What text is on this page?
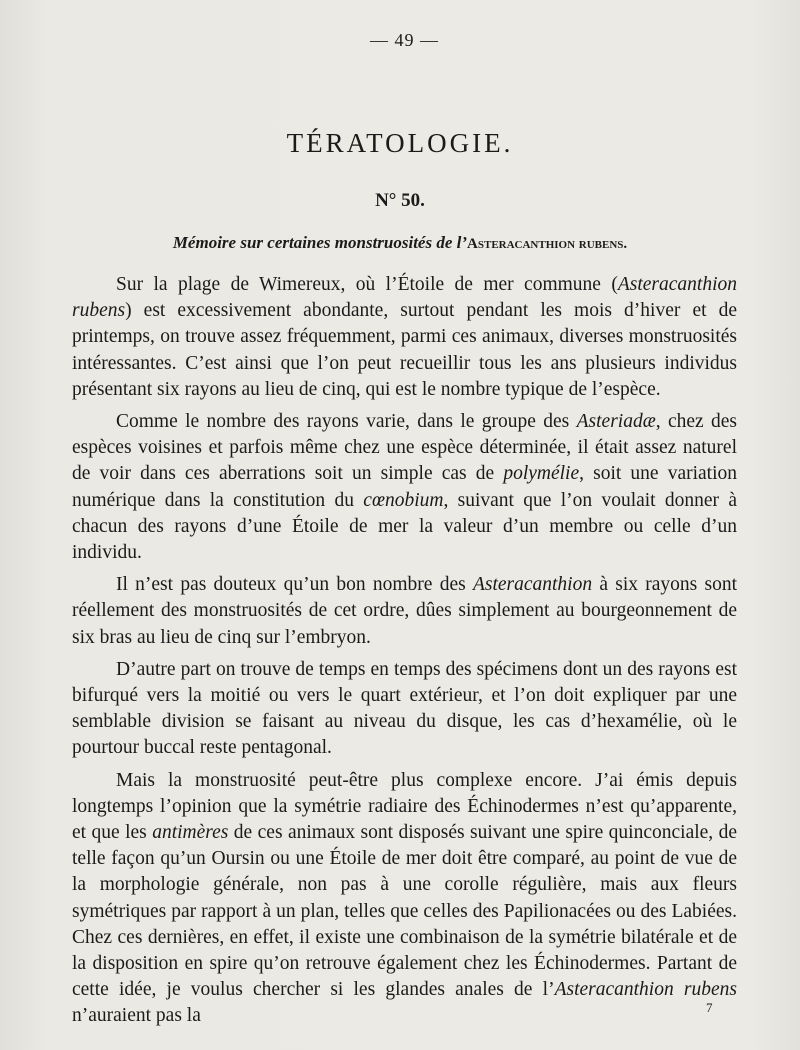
— 49 —
TÉRATOLOGIE.
N° 50.
Mémoire sur certaines monstruosités de l’Asteracanthion rubens.

Sur la plage de Wimereux, où l’Étoile de mer commune (Asteracanthion rubens) est excessivement abondante, surtout pendant les mois d’hiver et de printemps, on trouve assez fréquemment, parmi ces animaux, diverses monstruosités intéressantes. C’est ainsi que l’on peut recueillir tous les ans plusieurs individus présentant six rayons au lieu de cinq, qui est le nombre typique de l’espèce.

Comme le nombre des rayons varie, dans le groupe des Asteriadæ, chez des espèces voisines et parfois même chez une espèce déterminée, il était assez naturel de voir dans ces aberrations soit un simple cas de polymélie, soit une variation numérique dans la constitution du cœnobium, suivant que l’on voulait donner à chacun des rayons d’une Étoile de mer la valeur d’un membre ou celle d’un individu.

Il n’est pas douteux qu’un bon nombre des Asteracanthion à six rayons sont réellement des monstruosités de cet ordre, dûes simplement au bourgeonnement de six bras au lieu de cinq sur l’embryon.

D’autre part on trouve de temps en temps des spécimens dont un des rayons est bifurqué vers la moitié ou vers le quart extérieur, et l’on doit expliquer par une semblable division se faisant au niveau du disque, les cas d’hexamélie, où le pourtour buccal reste pentagonal.

Mais la monstruosité peut-être plus complexe encore. J’ai émis depuis longtemps l’opinion que la symétrie radiaire des Échinodermes n’est qu’apparente, et que les antimères de ces animaux sont disposés suivant une spire quinconciale, de telle façon qu’un Oursin ou une Étoile de mer doit être comparé, au point de vue de la morphologie générale, non pas à une corolle régulière, mais aux fleurs symétriques par rapport à un plan, telles que celles des Papilionacées ou des Labiées. Chez ces dernières, en effet, il existe une combinaison de la symétrie bilatérale et de la disposition en spire qu’on retrouve également chez les Échinodermes. Partant de cette idée, je voulus chercher si les glandes anales de l’Asteracanthion rubens n’auraient pas la	7
